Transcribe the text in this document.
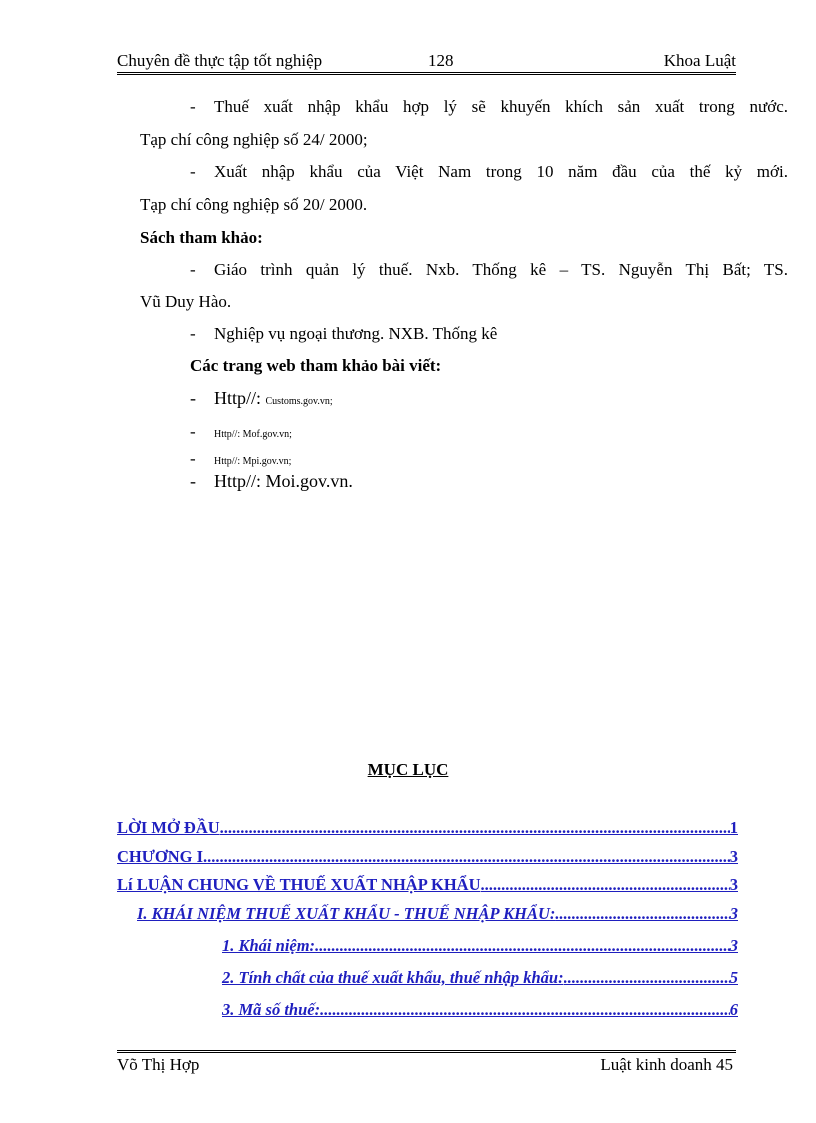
Chuyên đề thực tập tốt nghiệp	128	Khoa Luật
- Thuế xuất nhập khẩu hợp lý sẽ khuyến khích sản xuất trong nước.
Tạp chí công nghiệp số 24/ 2000;
- Xuất nhập khẩu của Việt Nam trong 10 năm đầu của thế kỷ mới.
Tạp chí công nghiệp số 20/ 2000.
Sách tham khảo:
- Giáo trình quản lý thuế. Nxb. Thống kê – TS. Nguyễn Thị Bất; TS.
Vũ Duy Hào.
- Nghiệp vụ ngoại thương. NXB. Thống kê
Các trang web tham khảo bài viết:
- Http//: Customs.gov.vn;
- Http//: Mof.gov.vn;
- Http//: Mpi.gov.vn;
- Http//: Moi.gov.vn.
MỤC LỤC
LỜI MỞ ĐẦU .....	1
CHƯƠNG I .....	3
Lí LUẬN CHUNG VỀ THUẾ XUẤT NHẬP KHẨU .....	3
I. KHÁI NIỆM THUẾ XUẤT KHẨU - THUẾ NHẬP KHẨU: .....	3
1. Khái niệm: .....	3
2. Tính chất của thuế xuất khẩu, thuế nhập khẩu: .....	5
3. Mã số thuế: .....	6
Võ Thị Hợp	Luật kinh doanh 45
